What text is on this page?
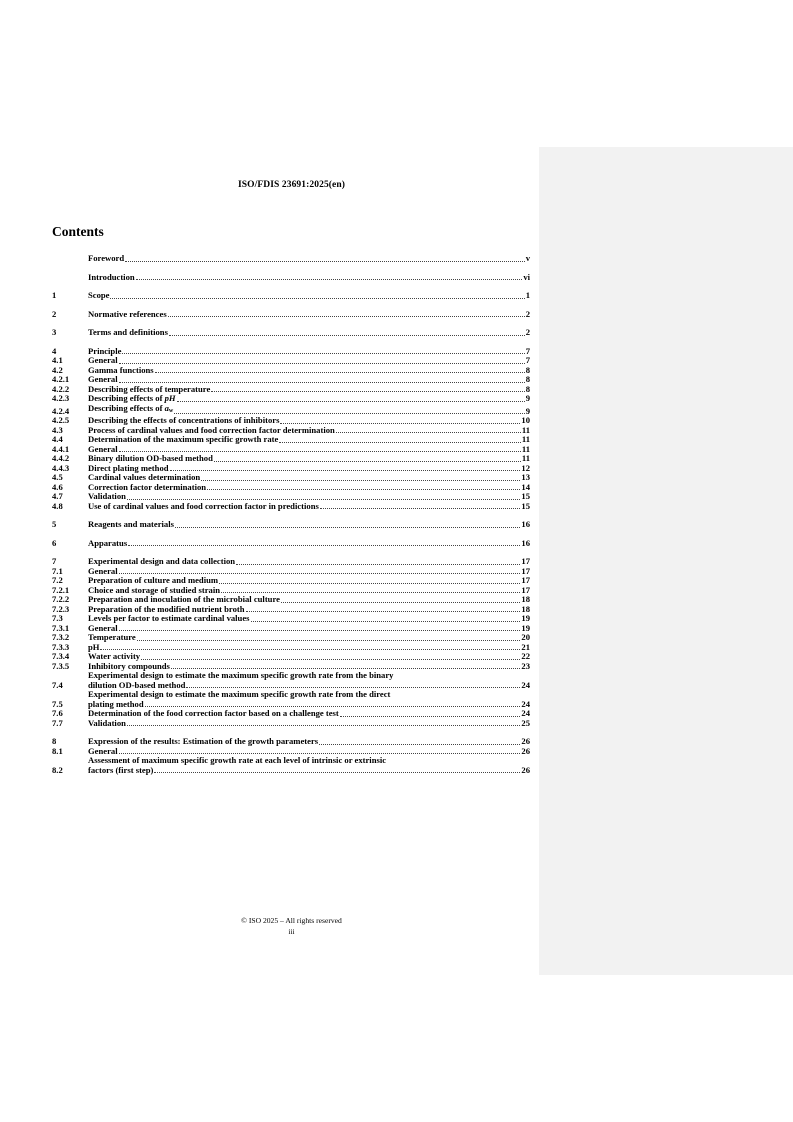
ISO/FDIS 23691:2025(en)
Contents
Foreword	v
Introduction	vi
1	Scope	1
2	Normative references	2
3	Terms and definitions	2
4	Principle	7
4.1	General	7
4.2	Gamma functions	8
4.2.1	General	8
4.2.2	Describing effects of temperature	8
4.2.3	Describing effects of pH	9
4.2.4	Describing effects of $a_w$	9
4.2.5	Describing the effects of concentrations of inhibitors	10
4.3	Process of cardinal values and food correction factor determination	11
4.4	Determination of the maximum specific growth rate	11
4.4.1	General	11
4.4.2	Binary dilution OD-based method	11
4.4.3	Direct plating method	12
4.5	Cardinal values determination	13
4.6	Correction factor determination	14
4.7	Validation	15
4.8	Use of cardinal values and food correction factor in predictions	15
5	Reagents and materials	16
6	Apparatus	16
7	Experimental design and data collection	17
7.1	General	17
7.2	Preparation of culture and medium	17
7.2.1	Choice and storage of studied strain	17
7.2.2	Preparation and inoculation of the microbial culture	18
7.2.3	Preparation of the modified nutrient broth	18
7.3	Levels per factor to estimate cardinal values	19
7.3.1	General	19
7.3.2	Temperature	20
7.3.3	pH	21
7.3.4	Water activity	22
7.3.5	Inhibitory compounds	23
7.4
Experimental design to estimate the maximum specific growth rate from the binary
dilution OD-based method	24
7.5
Experimental design to estimate the maximum specific growth rate from the direct
plating method	24
7.6	Determination of the food correction factor based on a challenge test	24
7.7	Validation	25
8	Expression of the results: Estimation of the growth parameters	26
8.1	General	26
8.2
Assessment of maximum specific growth rate at each level of intrinsic or extrinsic
factors (first step)	26
© ISO 2025 – All rights reserved
iii
